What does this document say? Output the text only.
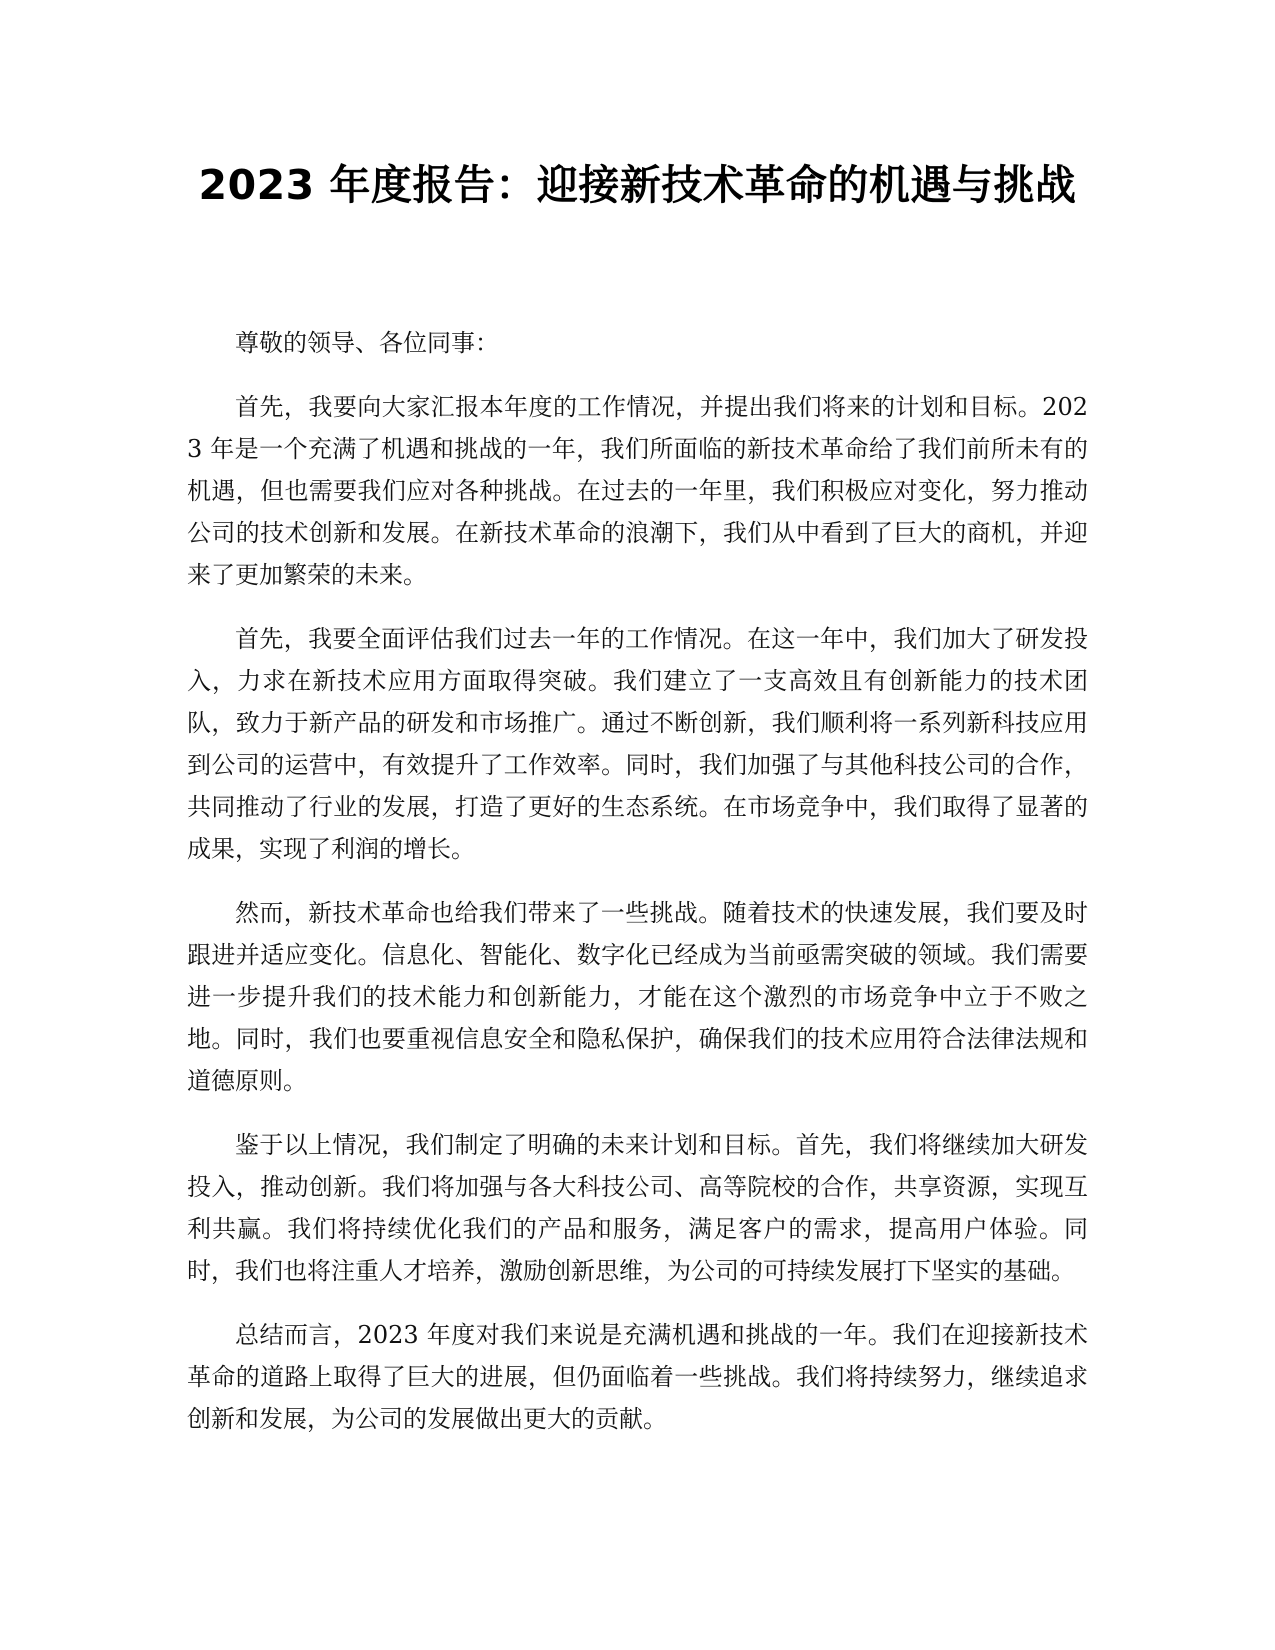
2023 年度报告：迎接新技术革命的机遇与挑战

尊敬的领导、各位同事：

首先，我要向大家汇报本年度的工作情况，并提出我们将来的计划和目标。2023 年是一个充满了机遇和挑战的一年，我们所面临的新技术革命给了我们前所未有的机遇，但也需要我们应对各种挑战。在过去的一年里，我们积极应对变化，努力推动公司的技术创新和发展。在新技术革命的浪潮下，我们从中看到了巨大的商机，并迎来了更加繁荣的未来。

首先，我要全面评估我们过去一年的工作情况。在这一年中，我们加大了研发投入，力求在新技术应用方面取得突破。我们建立了一支高效且有创新能力的技术团队，致力于新产品的研发和市场推广。通过不断创新，我们顺利将一系列新科技应用到公司的运营中，有效提升了工作效率。同时，我们加强了与其他科技公司的合作，共同推动了行业的发展，打造了更好的生态系统。在市场竞争中，我们取得了显著的成果，实现了利润的增长。

然而，新技术革命也给我们带来了一些挑战。随着技术的快速发展，我们要及时跟进并适应变化。信息化、智能化、数字化已经成为当前亟需突破的领域。我们需要进一步提升我们的技术能力和创新能力，才能在这个激烈的市场竞争中立于不败之地。同时，我们也要重视信息安全和隐私保护，确保我们的技术应用符合法律法规和道德原则。

鉴于以上情况，我们制定了明确的未来计划和目标。首先，我们将继续加大研发投入，推动创新。我们将加强与各大科技公司、高等院校的合作，共享资源，实现互利共赢。我们将持续优化我们的产品和服务，满足客户的需求，提高用户体验。同时，我们也将注重人才培养，激励创新思维，为公司的可持续发展打下坚实的基础。

总结而言，2023 年度对我们来说是充满机遇和挑战的一年。我们在迎接新技术革命的道路上取得了巨大的进展，但仍面临着一些挑战。我们将持续努力，继续追求创新和发展，为公司的发展做出更大的贡献。
